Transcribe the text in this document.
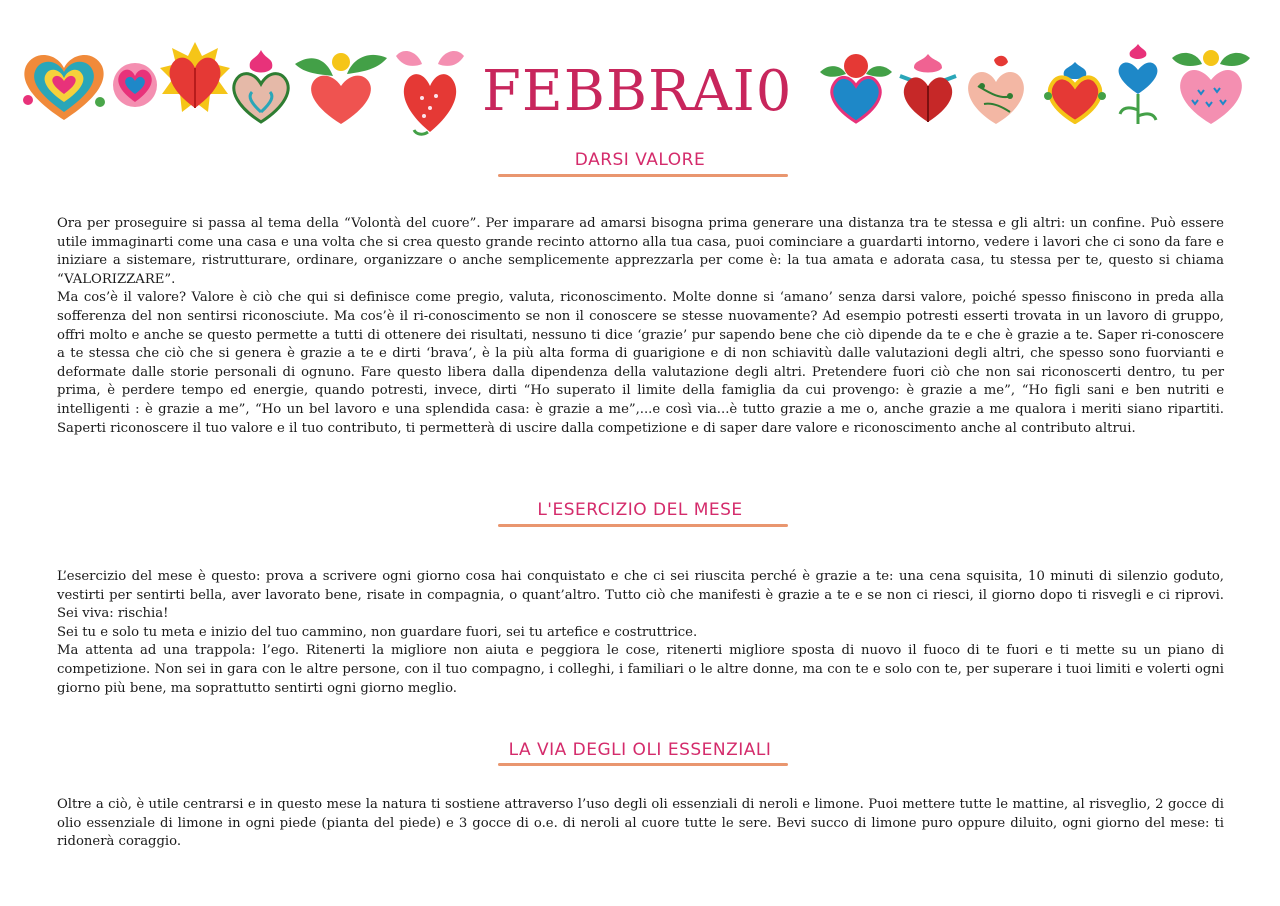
FEBBRAI0
DARSI VALORE

Ora per proseguire si passa al tema della “Volontà del cuore”. Per imparare ad amarsi bisogna prima generare una distanza tra te stessa e gli altri: un confine. Può essere utile immaginarti come una casa e una volta che si crea questo grande recinto attorno alla tua casa, puoi cominciare a guardarti intorno, vedere i lavori che ci sono da fare e iniziare a sistemare, ristrutturare, ordinare, organizzare o anche semplicemente apprezzarla per come è: la tua amata e adorata casa, tu stessa per te, questo si chiama “VALORIZZARE”.

Ma cos’è il valore? Valore è ciò che qui si definisce come pregio, valuta, riconoscimento. Molte donne si ‘amano’ senza darsi valore, poiché spesso finiscono in preda alla sofferenza del non sentirsi riconosciute. Ma cos’è il ri-conoscimento se non il conoscere se stesse nuovamente? Ad esempio potresti esserti trovata in un lavoro di gruppo, offri molto e anche se questo permette a tutti di ottenere dei risultati, nessuno ti dice ‘grazie’ pur sapendo bene che ciò dipende da te e che è grazie a te. Saper ri-conoscere a te stessa che ciò che si genera è grazie a te e dirti ‘brava’, è la più alta forma di guarigione e di non schiavitù dalle valutazioni degli altri, che spesso sono fuorvianti e deformate dalle storie personali di ognuno. Fare questo libera dalla dipendenza della valutazione degli altri. Pretendere fuori ciò che non sai riconoscerti dentro, tu per prima, è perdere tempo ed energie, quando potresti, invece, dirti “Ho superato il limite della famiglia da cui provengo: è grazie a me”, “Ho figli sani e ben nutriti e intelligenti : è grazie a me”, “Ho un bel lavoro e una splendida casa: è grazie a me”,...e così via...è tutto grazie a me o, anche grazie a me qualora i meriti siano ripartiti. Saperti riconoscere il tuo valore e il tuo contributo, ti permetterà di uscire dalla competizione e di saper dare valore e riconoscimento anche al contributo altrui.

L'ESERCIZIO DEL MESE

L’esercizio del mese è questo: prova a scrivere ogni giorno cosa hai conquistato e che ci sei riuscita perché è grazie a te: una cena squisita, 10 minuti di silenzio goduto, vestirti per sentirti bella, aver lavorato bene, risate in compagnia, o quant’altro. Tutto ciò che manifesti è grazie a te e se non ci riesci, il giorno dopo ti risvegli e ci riprovi. Sei viva: rischia!

Sei tu e solo tu meta e inizio del tuo cammino, non guardare fuori, sei tu artefice e costruttrice.

Ma attenta ad una trappola: l’ego. Ritenerti la migliore non aiuta e peggiora le cose, ritenerti migliore sposta di nuovo il fuoco di te fuori e ti mette su un piano di competizione. Non sei in gara con le altre persone, con il tuo compagno, i colleghi, i familiari o le altre donne, ma con te e solo con te, per superare i tuoi limiti e volerti ogni giorno più bene, ma soprattutto sentirti ogni giorno meglio.

LA VIA DEGLI OLI ESSENZIALI

Oltre a ciò, è utile centrarsi e in questo mese la natura ti sostiene attraverso l’uso degli oli essenziali di neroli e limone. Puoi mettere tutte le mattine, al risveglio, 2 gocce di olio essenziale di limone in ogni piede (pianta del piede) e 3 gocce di o.e. di neroli al cuore tutte le sere. Bevi succo di limone puro oppure diluito, ogni giorno del mese: ti ridonerà coraggio.
